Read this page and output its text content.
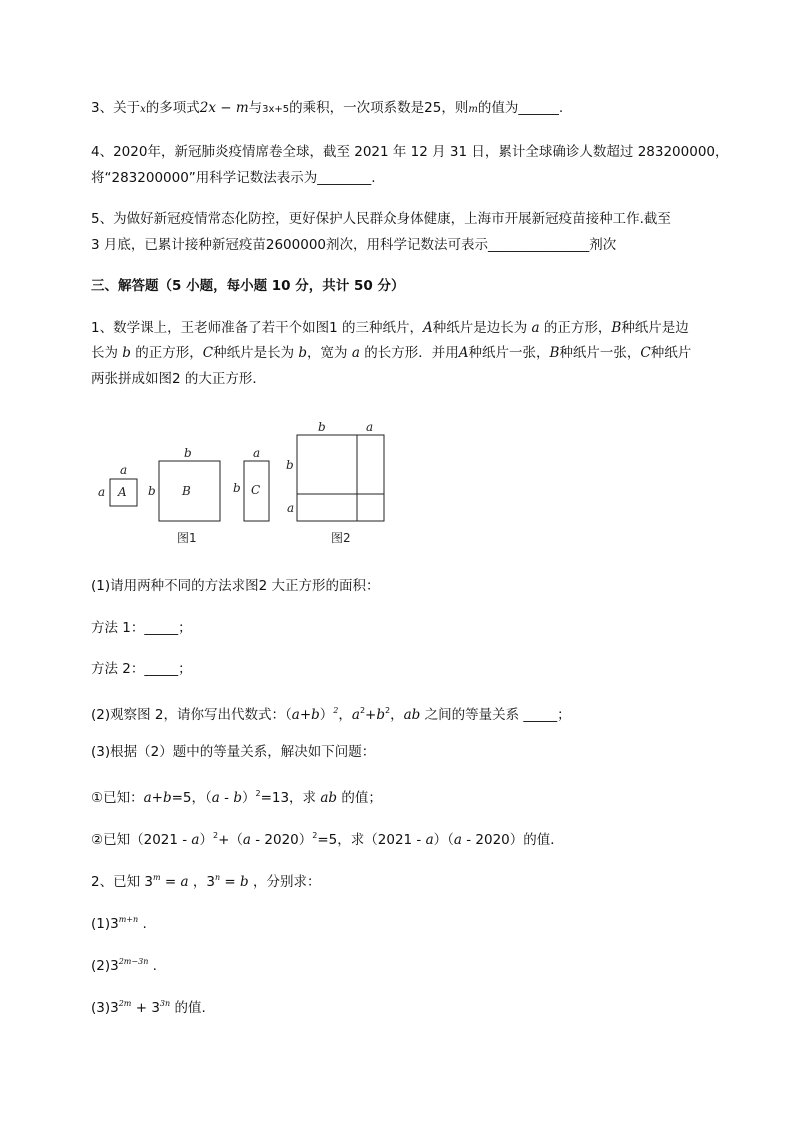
3、关于x的多项式2x − m与3x+5的乘积，一次项系数是25，则m的值为______.
4、2020年，新冠肺炎疫情席卷全球，截至 2021 年 12 月 31 日，累计全球确诊人数超过 283200000，
将“283200000”用科学记数法表示为________.
5、为做好新冠疫情常态化防控，更好保护人民群众身体健康，上海市开展新冠疫苗接种工作.截至
3 月底，已累计接种新冠疫苗2600000剂次，用科学记数法可表示_______________剂次
三、解答题（5 小题，每小题 10 分，共计 50 分）
1、数学课上，王老师准备了若干个如图1 的三种纸片，A种纸片是边长为 a 的正方形，B种纸片是边
长为 b 的正方形，C种纸片是长为 b，宽为 a 的长方形．并用A种纸片一张，B种纸片一张，C种纸片
两张拼成如图2 的大正方形．
a
a A
b
b B
a
b C
b	a
b
a
图1	图2
(1)请用两种不同的方法求图2 大正方形的面积：
方法 1：_____；
方法 2：_____；
(2)观察图 2，请你写出代数式：$(a+b)^2$，$a^2+b^2$，ab 之间的等量关系 _____；
(3)根据（2）题中的等量关系，解决如下问题：
①已知：a+b=5，（a - b）$^2$=13，求 ab 的值；
②已知（2021 - a）$^2$+（a - 2020）$^2$=5，求（2021 - a）（a - 2020）的值．
2、已知 $3^m = a$ ，$3^n = b$ ，分别求：
$(1)3^{m+n}$ .
$(2)3^{2m-3n}$ .
$(3)3^{2m} + 3^{3n}$ 的值.
